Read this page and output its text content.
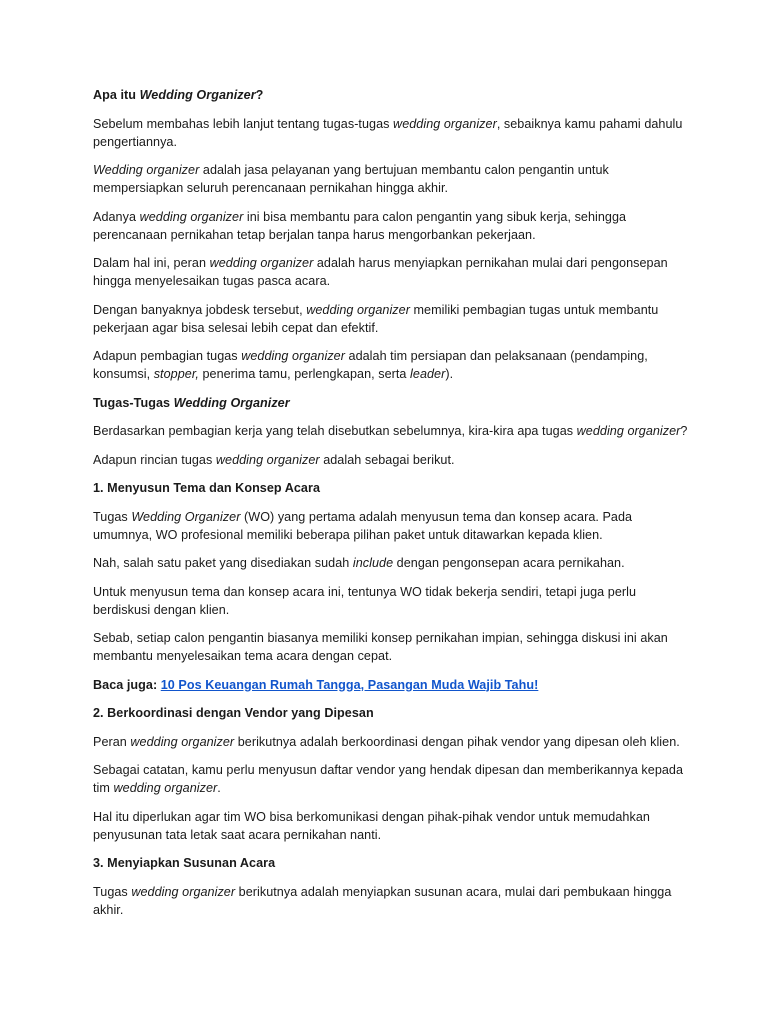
Apa itu Wedding Organizer?

Sebelum membahas lebih lanjut tentang tugas-tugas wedding organizer, sebaiknya kamu pahami dahulu pengertiannya.

Wedding organizer adalah jasa pelayanan yang bertujuan membantu calon pengantin untuk mempersiapkan seluruh perencanaan pernikahan hingga akhir.

Adanya wedding organizer ini bisa membantu para calon pengantin yang sibuk kerja, sehingga perencanaan pernikahan tetap berjalan tanpa harus mengorbankan pekerjaan.

Dalam hal ini, peran wedding organizer adalah harus menyiapkan pernikahan mulai dari pengonsepan hingga menyelesaikan tugas pasca acara.

Dengan banyaknya jobdesk tersebut, wedding organizer memiliki pembagian tugas untuk membantu pekerjaan agar bisa selesai lebih cepat dan efektif.

Adapun pembagian tugas wedding organizer adalah tim persiapan dan pelaksanaan (pendamping, konsumsi, stopper, penerima tamu, perlengkapan, serta leader).

Tugas-Tugas Wedding Organizer

Berdasarkan pembagian kerja yang telah disebutkan sebelumnya, kira-kira apa tugas wedding organizer?

Adapun rincian tugas wedding organizer adalah sebagai berikut.

1. Menyusun Tema dan Konsep Acara

Tugas Wedding Organizer (WO) yang pertama adalah menyusun tema dan konsep acara. Pada umumnya, WO profesional memiliki beberapa pilihan paket untuk ditawarkan kepada klien.

Nah, salah satu paket yang disediakan sudah include dengan pengonsepan acara pernikahan.

Untuk menyusun tema dan konsep acara ini, tentunya WO tidak bekerja sendiri, tetapi juga perlu berdiskusi dengan klien.

Sebab, setiap calon pengantin biasanya memiliki konsep pernikahan impian, sehingga diskusi ini akan membantu menyelesaikan tema acara dengan cepat.

Baca juga: 10 Pos Keuangan Rumah Tangga, Pasangan Muda Wajib Tahu!

2. Berkoordinasi dengan Vendor yang Dipesan

Peran wedding organizer berikutnya adalah berkoordinasi dengan pihak vendor yang dipesan oleh klien.

Sebagai catatan, kamu perlu menyusun daftar vendor yang hendak dipesan dan memberikannya kepada tim wedding organizer.

Hal itu diperlukan agar tim WO bisa berkomunikasi dengan pihak-pihak vendor untuk memudahkan penyusunan tata letak saat acara pernikahan nanti.

3. Menyiapkan Susunan Acara

Tugas wedding organizer berikutnya adalah menyiapkan susunan acara, mulai dari pembukaan hingga akhir.
